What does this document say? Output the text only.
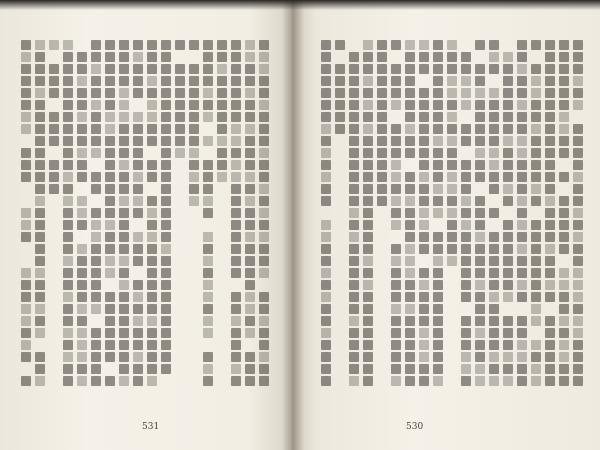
531	530
